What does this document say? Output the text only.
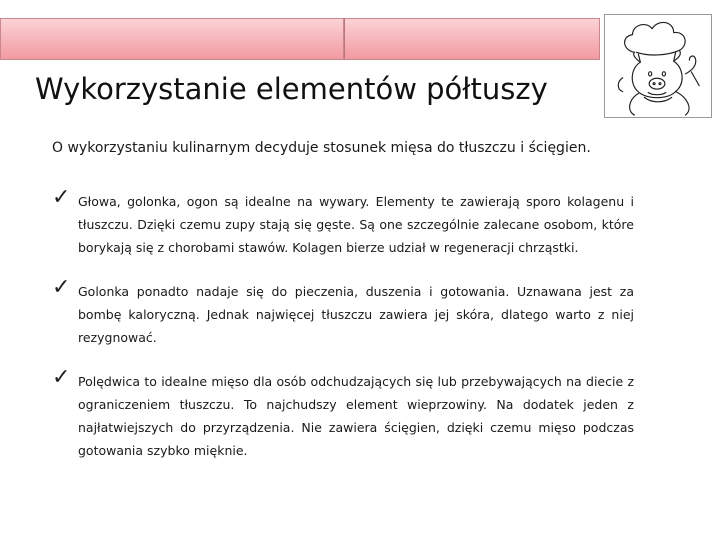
Wykorzystanie elementów półtuszy

O wykorzystaniu kulinarnym decyduje stosunek mięsa do tłuszczu i ścięgien.

✓ Głowa, golonka, ogon są idealne na wywary. Elementy te zawierają sporo kolagenu i tłuszczu. Dzięki czemu zupy stają się gęste. Są one szczególnie zalecane osobom, które borykają się z chorobami stawów. Kolagen bierze udział w regeneracji chrząstki.
✓ Golonka ponadto nadaje się do pieczenia, duszenia i gotowania. Uznawana jest za bombę kaloryczną. Jednak najwięcej tłuszczu zawiera jej skóra, dlatego warto z niej rezygnować.
✓ Polędwica to idealne mięso dla osób odchudzających się lub przebywających na diecie z ograniczeniem tłuszczu. To najchudszy element wieprzowiny. Na dodatek jeden z najłatwiejszych do przyrządzenia. Nie zawiera ścięgien, dzięki czemu mięso podczas gotowania szybko mięknie.
